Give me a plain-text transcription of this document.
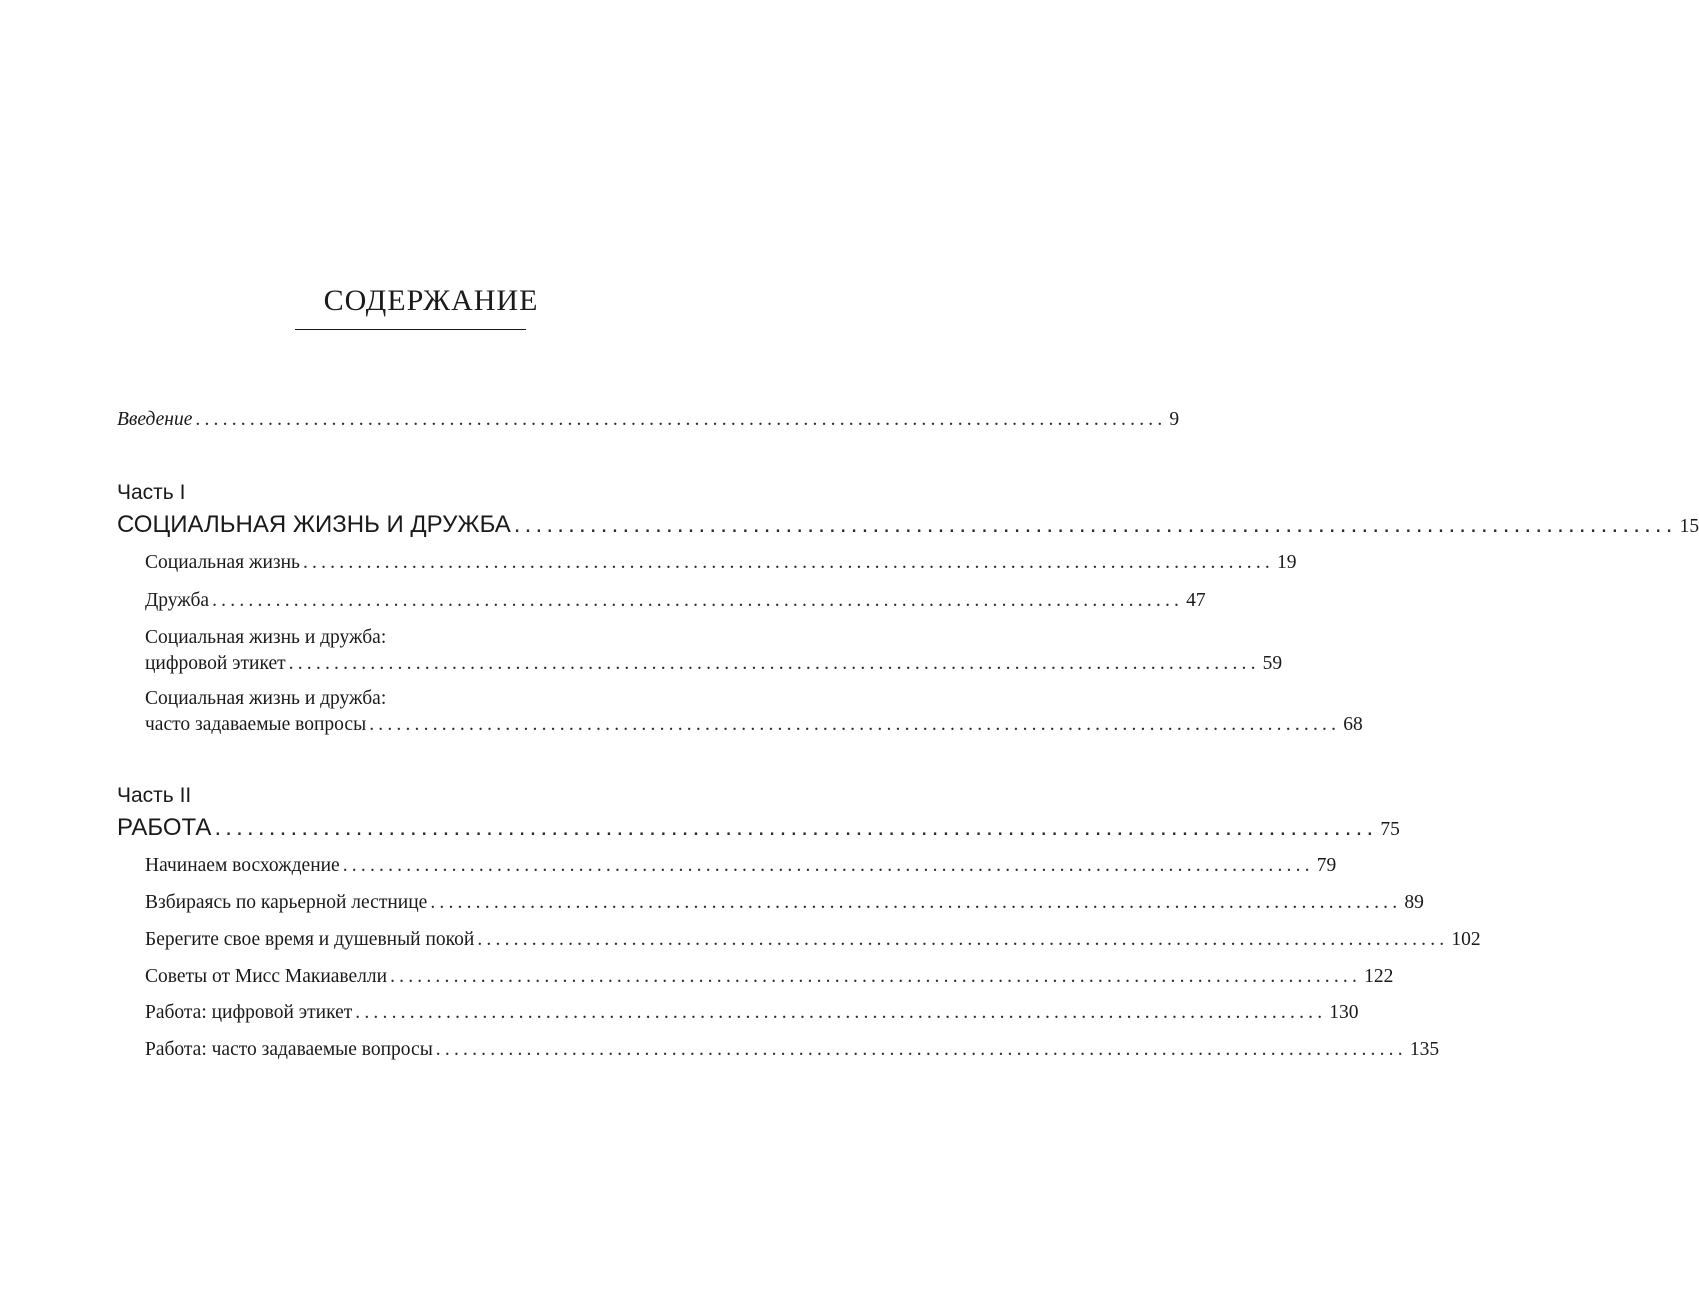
СОДЕРЖАНИЕ
Введение ........................................................................................................... 9
Часть I
СОЦИАЛЬНАЯ ЖИЗНЬ И ДРУЖБА ........................................................................................................... 15
Социальная жизнь ........................................................................................................... 19
Дружба ........................................................................................................... 47
Социальная жизнь и дружба:
цифровой этикет ........................................................................................................... 59
Социальная жизнь и дружба:
часто задаваемые вопросы ........................................................................................................... 68
Часть II
РАБОТА ........................................................................................................... 75
Начинаем восхождение ........................................................................................................... 79
Взбираясь по карьерной лестнице ........................................................................................................... 89
Берегите свое время и душевный покой ........................................................................................................... 102
Советы от Мисс Макиавелли ........................................................................................................... 122
Работа: цифровой этикет ........................................................................................................... 130
Работа: часто задаваемые вопросы ........................................................................................................... 135
